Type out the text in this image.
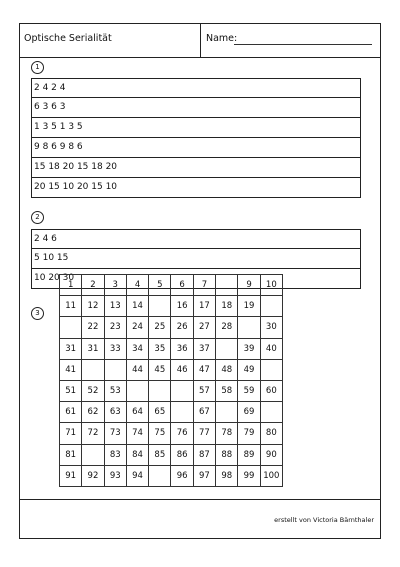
Optische Serialität	Name:
1
2 4 2 4
6 3 6 3
1 3 5 1 3 5
9 8 6 9 8 6
15 18 20 15 18 20
20 15 10 20 15 10
2
2 4 6
5 10 15
10 20 30
3
erstellt von Victoria Bärnthaler
1	2	3	4	5	6	7		9	10
11	12	13	14		16	17	18	19	
	22	23	24	25	26	27	28		30
31	31	33	34	35	36	37		39	40
41			44	45	46	47	48	49	
51	52	53				57	58	59	60
61	62	63	64	65		67		69	
71	72	73	74	75	76	77	78	79	80
81		83	84	85	86	87	88	89	90
91	92	93	94		96	97	98	99	100
